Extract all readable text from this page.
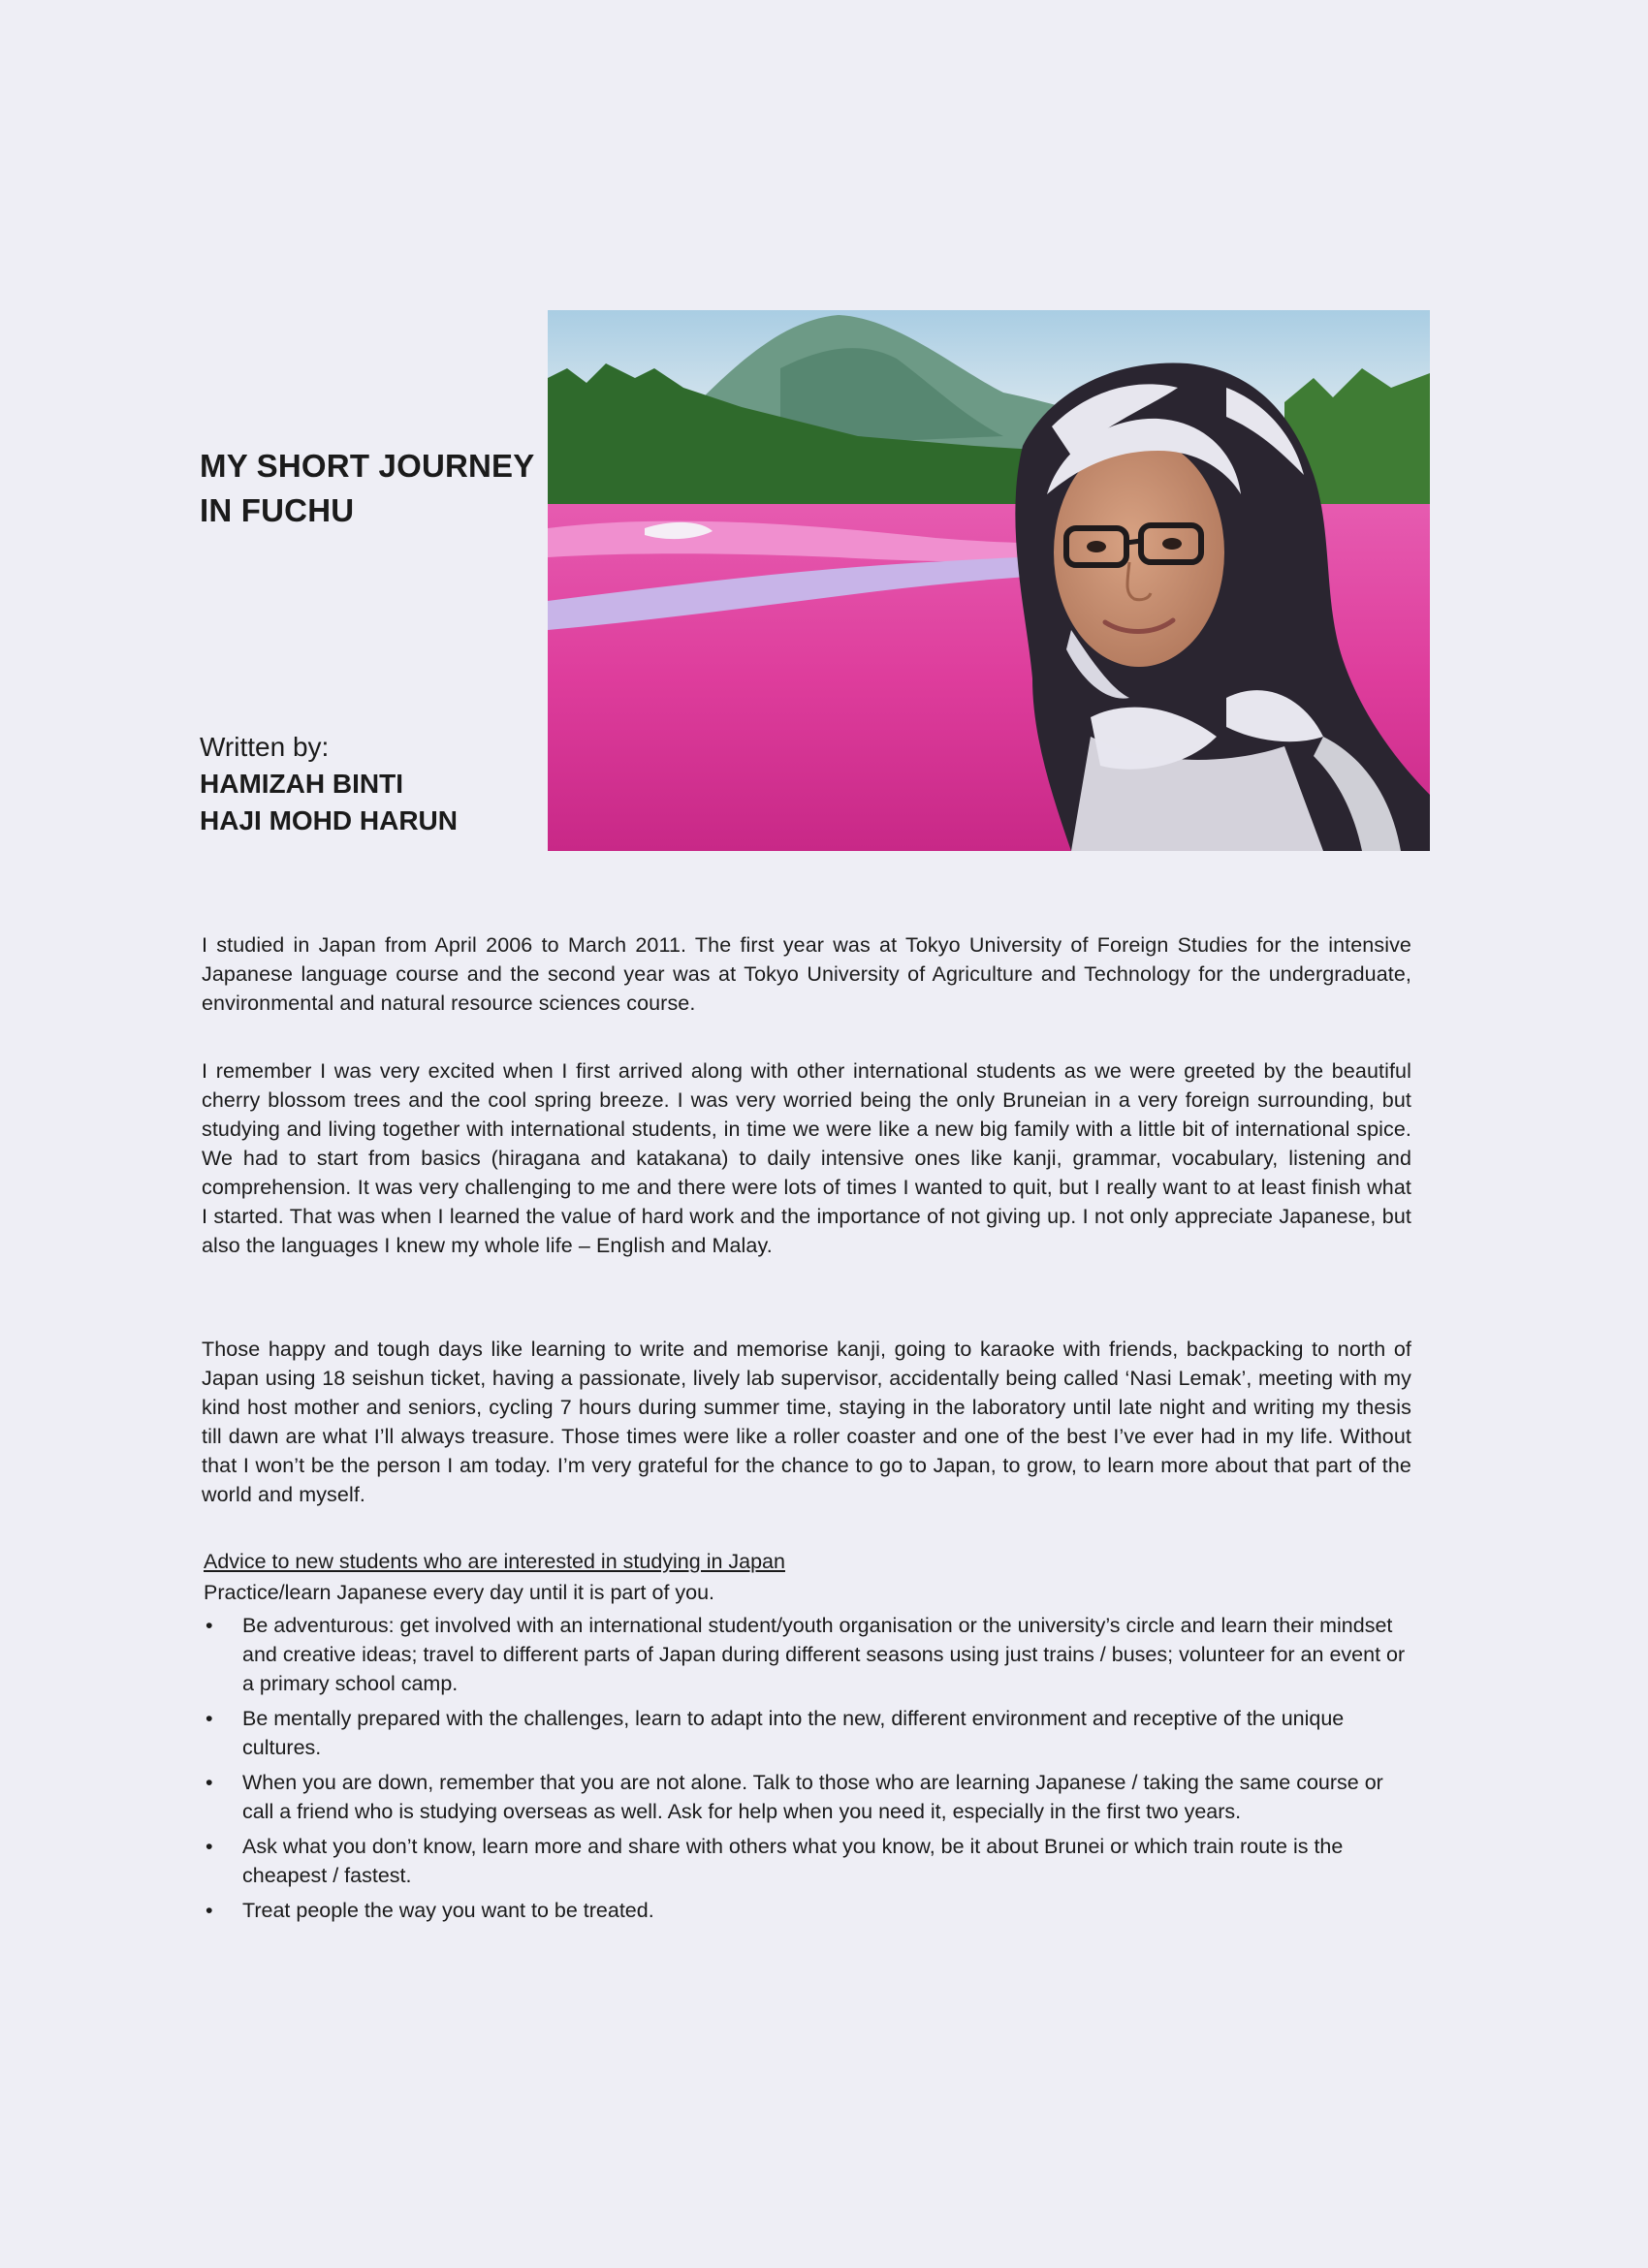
MY SHORT JOURNEY
IN FUCHU
Written by:
HAMIZAH BINTI
HAJI MOHD HARUN
I studied in Japan from April 2006 to March 2011. The first year was at Tokyo University of Foreign Studies for the intensive Japanese language course and the second year was at Tokyo University of Agriculture and Technology for the undergraduate, environmental and natural resource sciences course.
I remember I was very excited when I first arrived along with other international students as we were greeted by the beautiful cherry blossom trees and the cool spring breeze. I was very worried being the only Bruneian in a very foreign surrounding, but studying and living together with international students, in time we were like a new big family with a little bit of international spice. We had to start from basics (hiragana and katakana) to daily intensive ones like kanji, grammar, vocabulary, listening and comprehension. It was very challenging to me and there were lots of times I wanted to quit, but I really want to at least finish what I started. That was when I learned the value of hard work and the importance of not giving up. I not only appreciate Japanese, but also the languages I knew my whole life – English and Malay.
Those happy and tough days like learning to write and memorise kanji, going to karaoke with friends, backpacking to north of Japan using 18 seishun ticket, having a passionate, lively lab supervisor, accidentally being called ‘Nasi Lemak’, meeting with my kind host mother and seniors, cycling 7 hours during summer time, staying in the laboratory until late night and writing my thesis till dawn are what I’ll always treasure. Those times were like a roller coaster and one of the best I’ve ever had in my life. Without that I won’t be the person I am today. I’m very grateful for the chance to go to Japan, to grow, to learn more about that part of the world and myself.
Advice to new students who are interested in studying in Japan
Practice/learn Japanese every day until it is part of you.
• Be adventurous: get involved with an international student/youth organisation or the university’s circle and learn their mindset and creative ideas; travel to different parts of Japan during different seasons using just trains / buses; volunteer for an event or a primary school camp.
• Be mentally prepared with the challenges, learn to adapt into the new, different environment and receptive of the unique cultures.
• When you are down, remember that you are not alone. Talk to those who are learning Japanese / taking the same course or call a friend who is studying overseas as well. Ask for help when you need it, especially in the first two years.
• Ask what you don’t know, learn more and share with others what you know, be it about Brunei or which train route is the cheapest / fastest.
• Treat people the way you want to be treated.
